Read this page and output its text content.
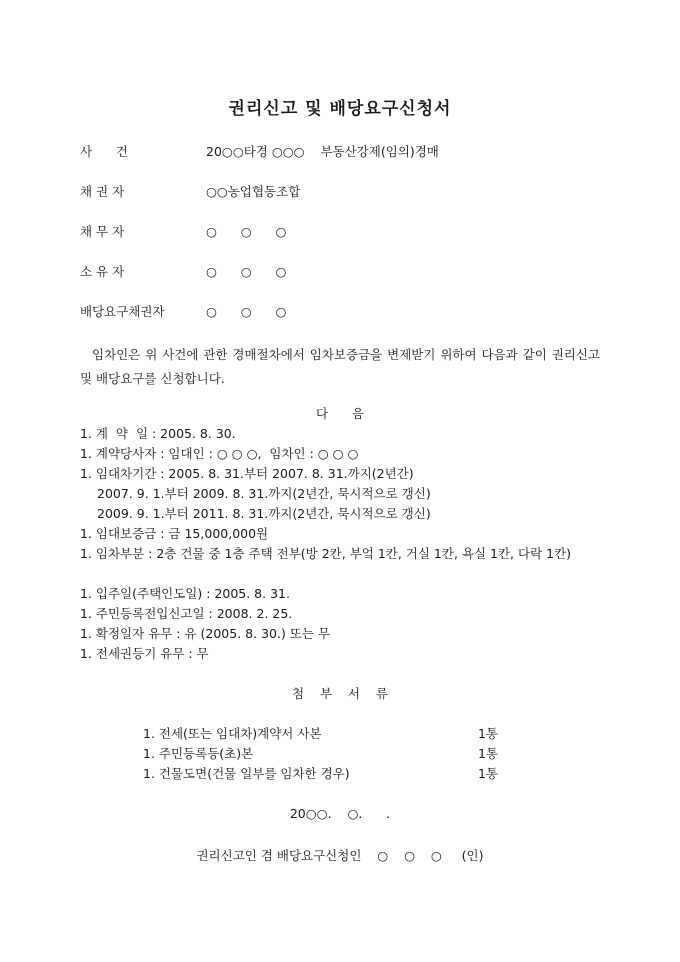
권리신고 및 배당요구신청서
사      건	20○○타경 ○○○    부동산강제(임의)경매
채 권 자	○○농업협동조합
채 무 자	○      ○      ○
소 유 자	○      ○      ○
배당요구채권자	○      ○      ○
임차인은 위 사건에 관한 경매절차에서 임차보증금을 변제받기 위하여 다음과 같이 권리신고 및 배당요구를 신청합니다.
다      음
1. 계  약  일 : 2005. 8. 30.
1. 계약당사자 : 임대인 : ○ ○ ○,  임차인 : ○ ○ ○
1. 임대차기간 : 2005. 8. 31.부터 2007. 8. 31.까지(2년간)
2007. 9. 1.부터 2009. 8. 31.까지(2년간, 묵시적으로 갱신)
2009. 9. 1.부터 2011. 8. 31.까지(2년간, 묵시적으로 갱신)
1. 임대보증금 : 금 15,000,000원
1. 임차부분 : 2층 건물 중 1층 주택 전부(방 2칸, 부엌 1칸, 거실 1칸, 욕실 1칸, 다락 1칸)
1. 입주일(주택인도일) : 2005. 8. 31.
1. 주민등록전입신고일 : 2008. 2. 25.
1. 확정일자 유무 : 유 (2005. 8. 30.) 또는 무
1. 전세권등기 유무 : 무
첨    부    서    류
1. 전세(또는 임대차)계약서 사본	1통
1. 주민등록등(초)본	1통
1. 건물도면(건물 일부를 임차한 경우)	1통
20○○.    ○.      .
권리신고인 겸 배당요구신청인    ○    ○    ○     (인)
